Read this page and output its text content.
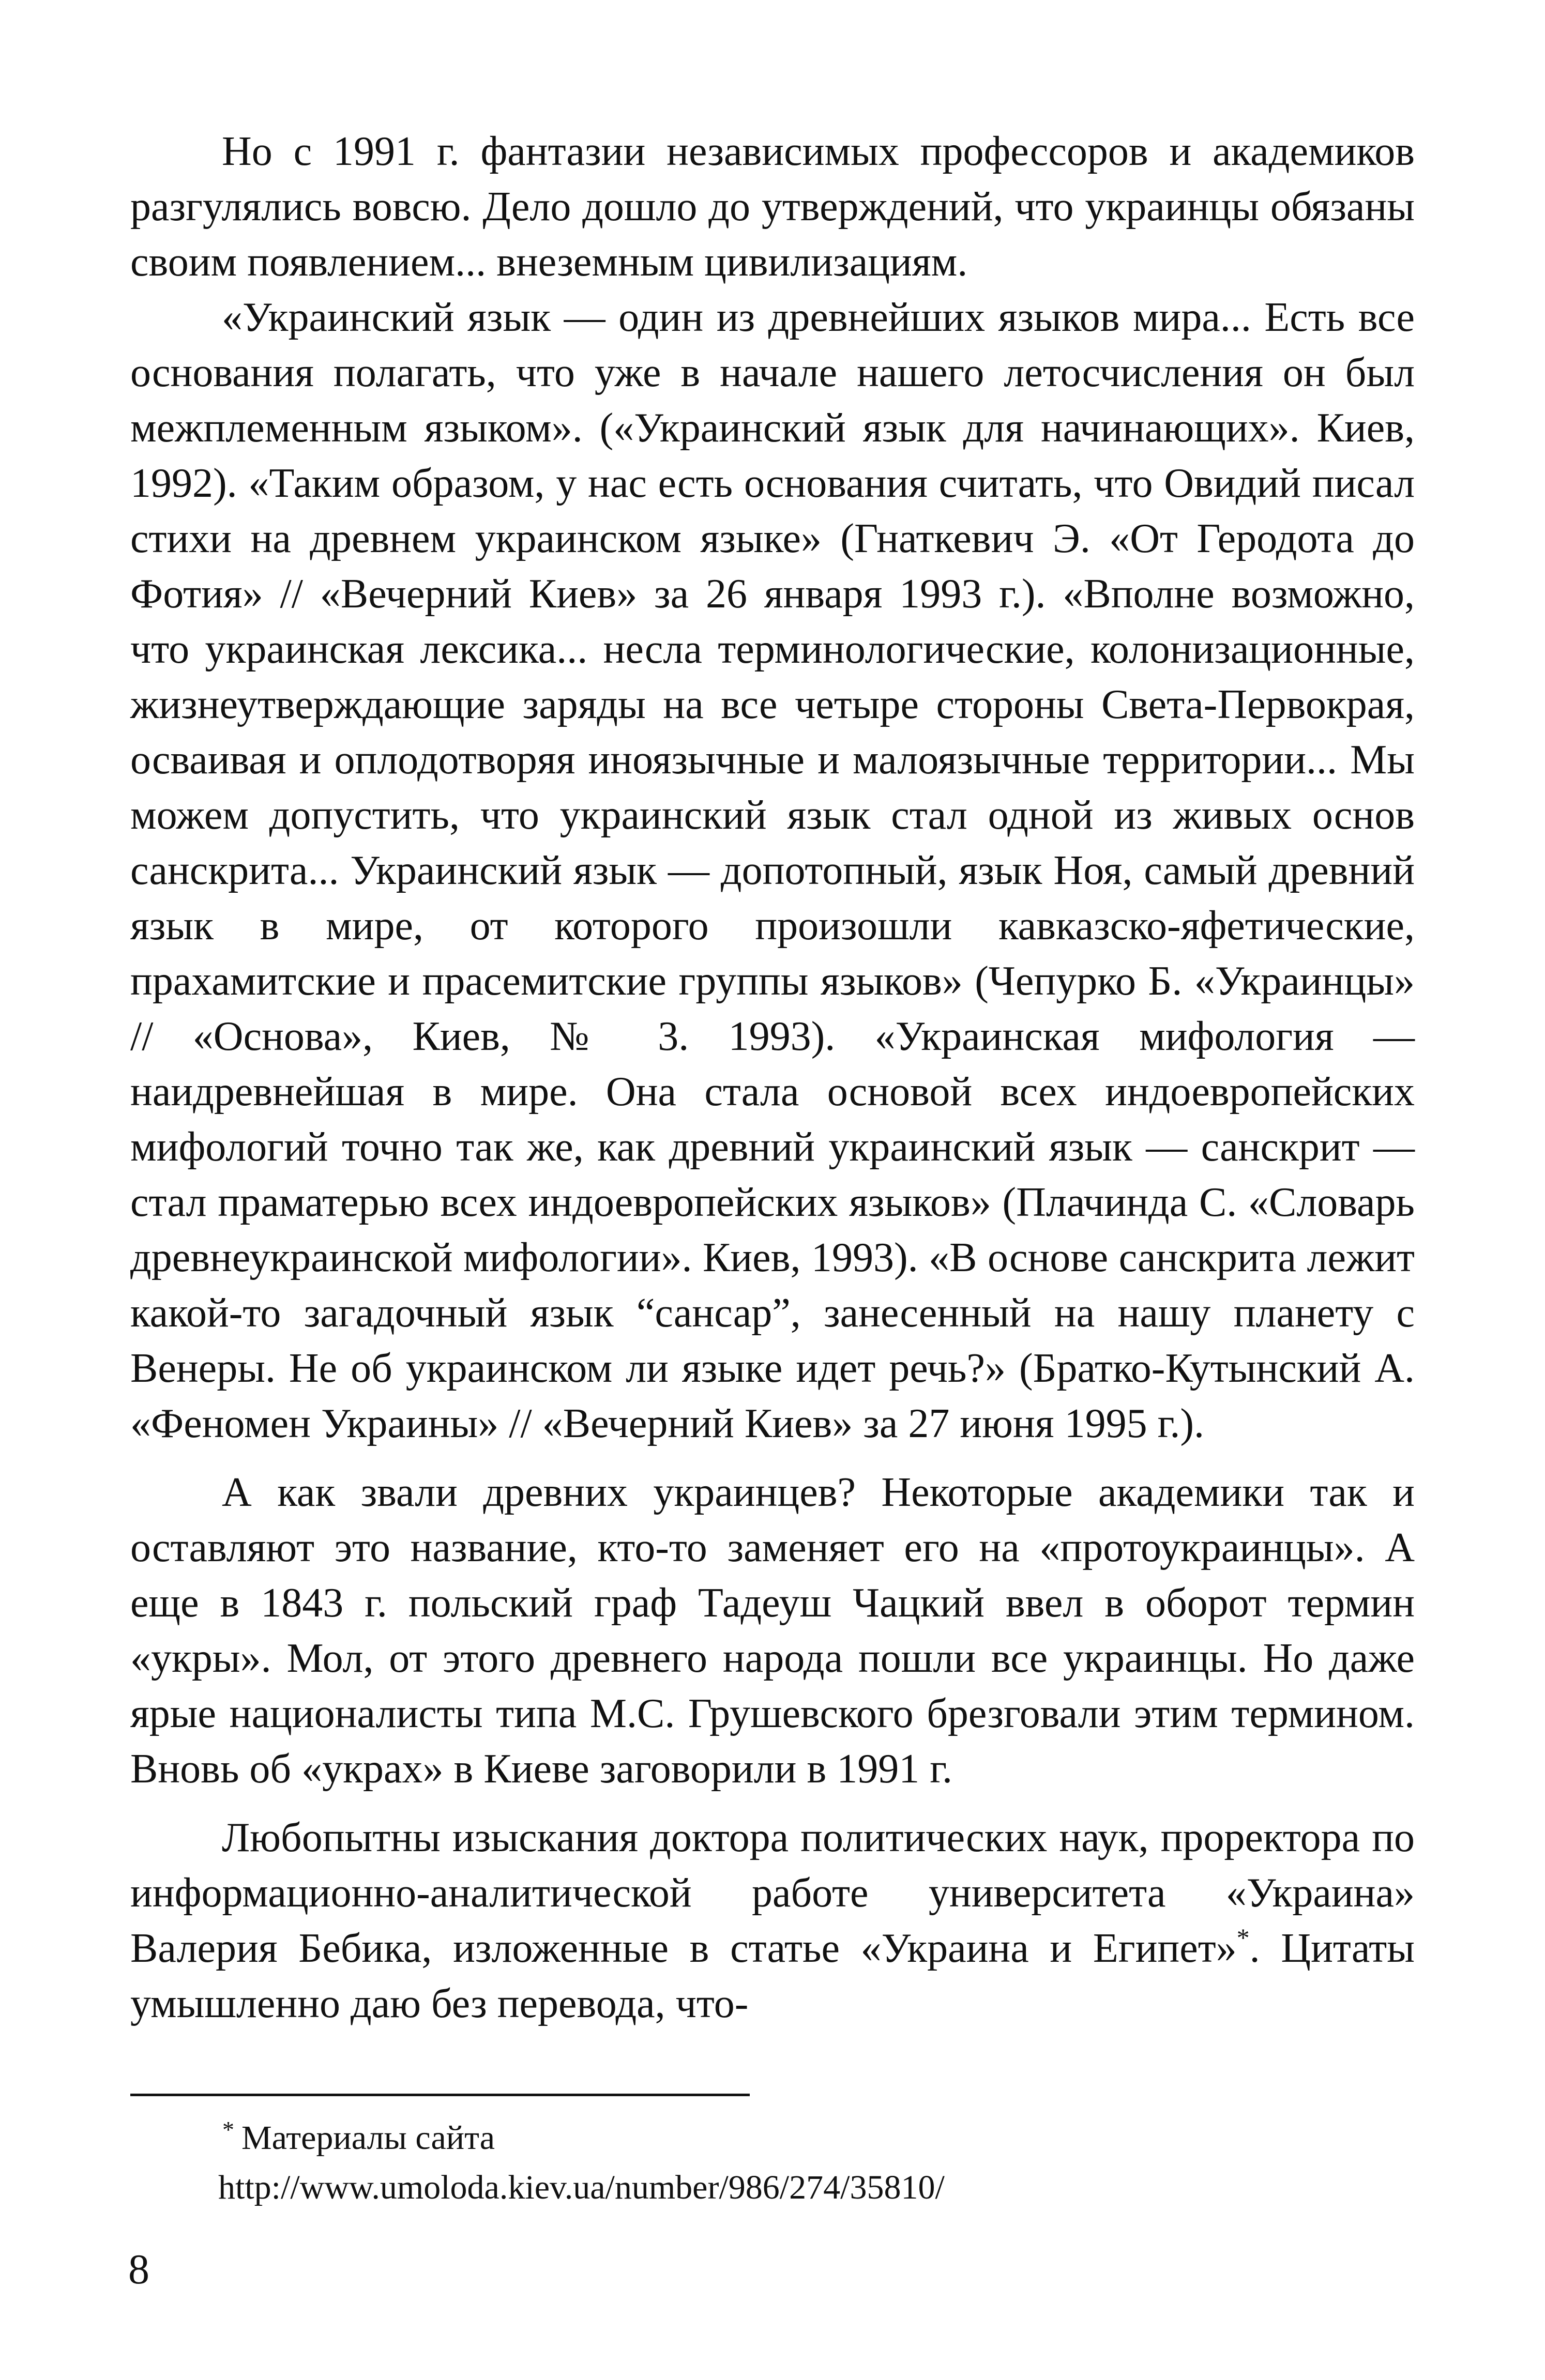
Но с 1991 г. фантазии независимых профессоров и академиков разгулялись вовсю. Дело дошло до утверждений, что украинцы обязаны своим появлением... внеземным цивилизациям.

«Украинский язык — один из древнейших языков мира... Есть все основания полагать, что уже в начале нашего летосчисления он был межплеменным языком». («Украинский язык для начинающих». Киев, 1992). «Таким образом, у нас есть основания считать, что Овидий писал стихи на древнем украинском языке» (Гнаткевич Э. «От Геродота до Фотия» // «Вечерний Киев» за 26 января 1993 г.). «Вполне возможно, что украинская лексика... несла терминологические, колонизационные, жизнеутверждающие заряды на все четыре стороны Света-Первокрая, осваивая и оплодотворяя иноязычные и малоязычные территории... Мы можем допустить, что украинский язык стал одной из живых основ санскрита... Украинский язык — допотопный, язык Ноя, самый древний язык в мире, от которого произошли кавказско-яфетические, прахамитские и прасемитские группы языков» (Чепурко Б. «Украинцы» // «Основа», Киев, № 3. 1993). «Украинская мифология — наидревнейшая в мире. Она стала основой всех индоевропейских мифологий точно так же, как древний украинский язык — санскрит — стал праматерью всех индоевропейских языков» (Плачинда С. «Словарь древнеукраинской мифологии». Киев, 1993). «В основе санскрита лежит какой-то загадочный язык “сансар”, занесенный на нашу планету с Венеры. Не об украинском ли языке идет речь?» (Братко-Кутынский А. «Феномен Украины» // «Вечерний Киев» за 27 июня 1995 г.).

А как звали древних украинцев? Некоторые академики так и оставляют это название, кто-то заменяет его на «протоукраинцы». А еще в 1843 г. польский граф Тадеуш Чацкий ввел в оборот термин «укры». Мол, от этого древнего народа пошли все украинцы. Но даже ярые националисты типа М.С. Грушевского брезговали этим термином. Вновь об «украх» в Киеве заговорили в 1991 г.

Любопытны изыскания доктора политических наук, проректора по информационно-аналитической работе университета «Украина» Валерия Бебика, изложенные в статье «Украина и Египет»*. Цитаты умышленно даю без перевода, что-

* Материалы сайта
http://www.umoloda.kiev.ua/number/986/274/35810/
8
